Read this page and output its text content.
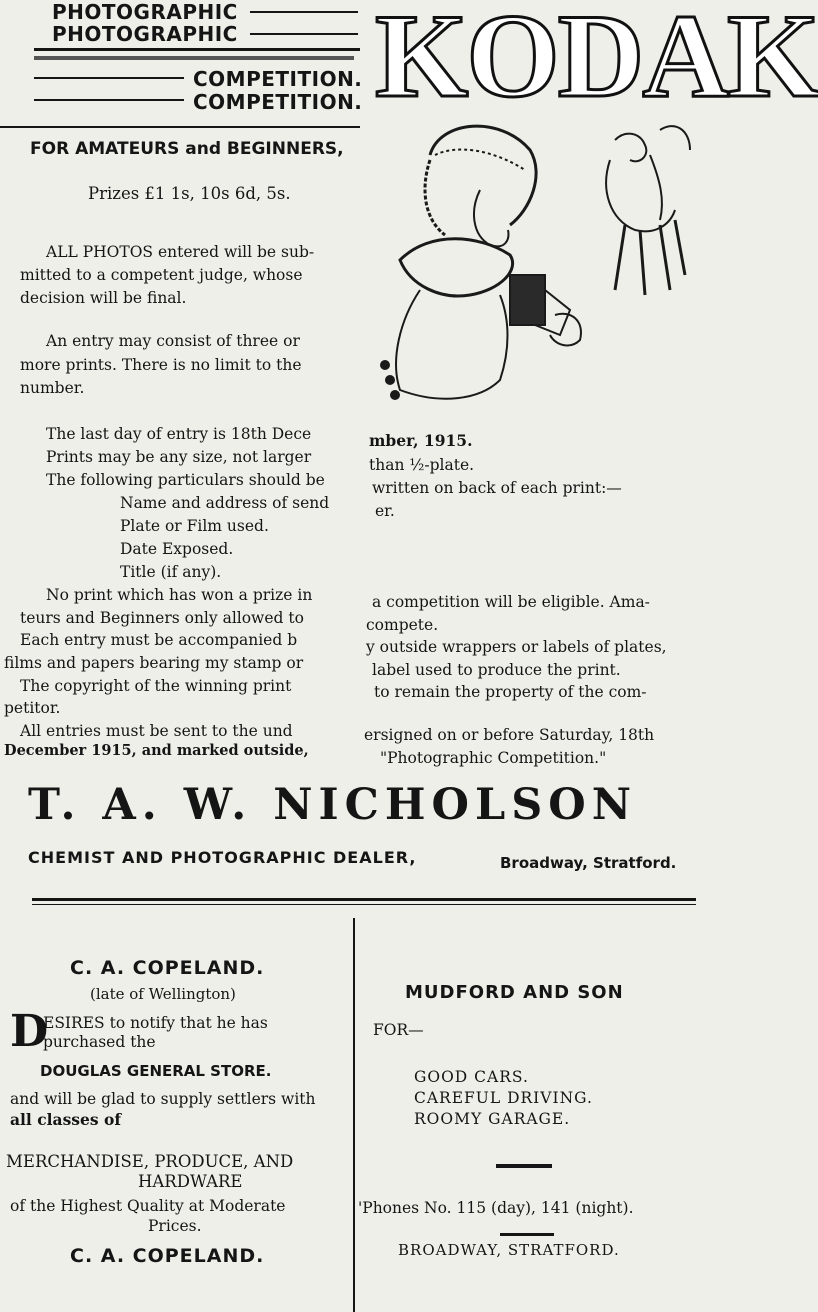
PHOTOGRAPHIC
PHOTOGRAPHIC
COMPETITION.
COMPETITION. KODAK
FOR AMATEURS and BEGINNERS,
Prizes £1 1s, 10s 6d, 5s.
ALL PHOTOS entered will be sub-
mitted to a competent judge, whose
decision will be final.
An entry may consist of three or
more prints. There is no limit to the
number.
The last day of entry is 18th Dece	mber, 1915.
Prints may be any size, not larger	than ½-plate.
The following particulars should be	written on back of each print:—
Name and address of send	er.
Plate or Film used.
Date Exposed.
Title (if any).
No print which has won a prize in	a competition will be eligible. Ama-
teurs and Beginners only allowed to	compete.
Each entry must be accompanied b	y outside wrappers or labels of plates,
films and papers bearing my stamp or	label used to produce the print.
The copyright of the winning print	to remain the property of the com-
petitor.
All entries must be sent to the und	ersigned on or before Saturday, 18th
December 1915, and marked outside,	"Photographic Competition."
T. A. W. NICHOLSON
CHEMIST AND PHOTOGRAPHIC DEALER,	Broadway, Stratford.
C. A. COPELAND.
(late of Wellington)
D
ESIRES to notify that he has
purchased the
DOUGLAS GENERAL STORE.
and will be glad to supply settlers with
all classes of
MERCHANDISE, PRODUCE, AND
HARDWARE
of the Highest Quality at Moderate
Prices.
C. A. COPELAND.
MUDFORD AND SON
FOR—
GOOD CARS.
CAREFUL DRIVING.
ROOMY GARAGE.
'Phones No. 115 (day), 141 (night).
BROADWAY, STRATFORD.
